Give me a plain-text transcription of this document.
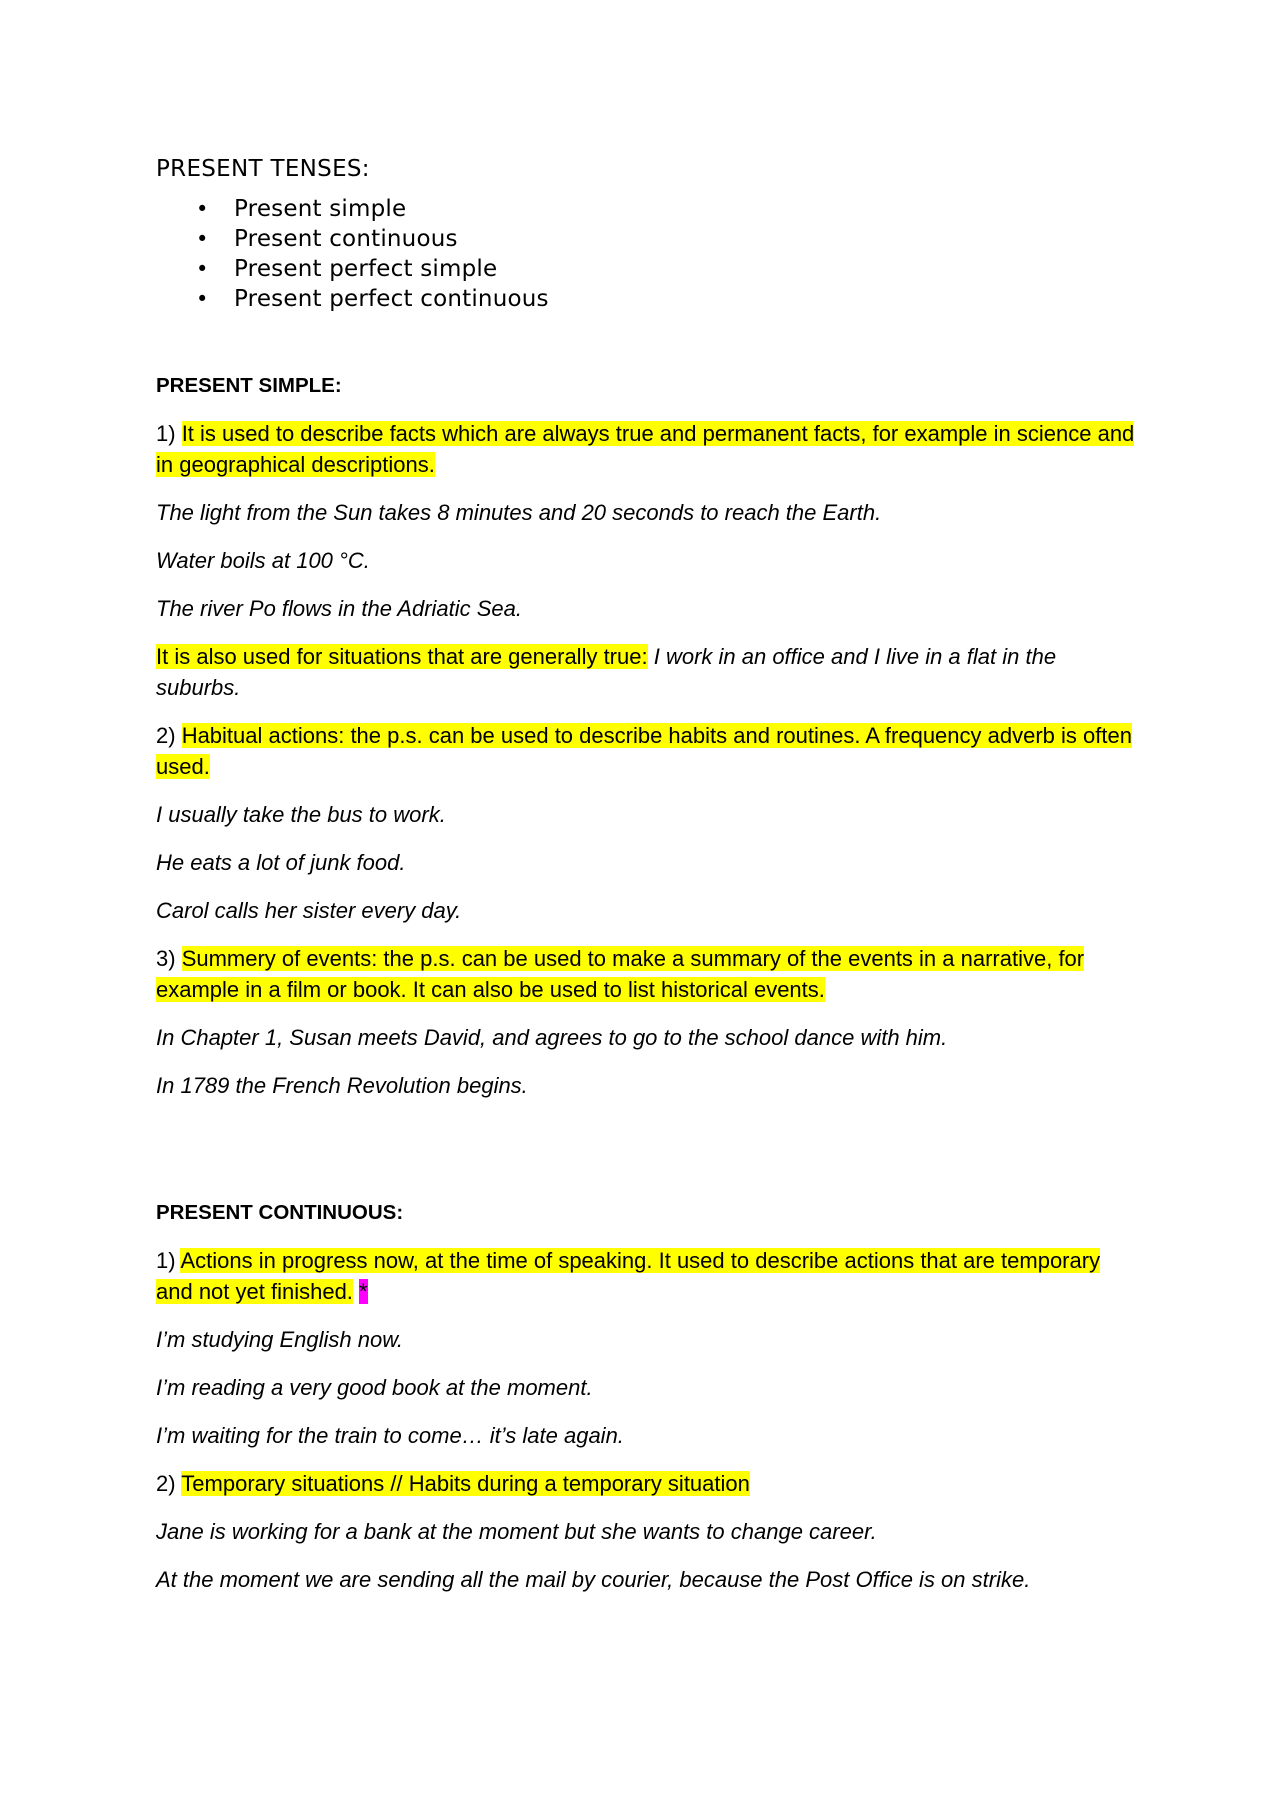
PRESENT TENSES:

• Present simple
• Present continuous
• Present perfect simple
• Present perfect continuous

PRESENT SIMPLE:

1) It is used to describe facts which are always true and permanent facts, for example in science and in geographical descriptions.

The light from the Sun takes 8 minutes and 20 seconds to reach the Earth.

Water boils at 100 °C.

The river Po flows in the Adriatic Sea.

It is also used for situations that are generally true: I work in an office and I live in a flat in the suburbs.

2) Habitual actions: the p.s. can be used to describe habits and routines. A frequency adverb is often used.

I usually take the bus to work.

He eats a lot of junk food.

Carol calls her sister every day.

3) Summery of events: the p.s. can be used to make a summary of the events in a narrative, for example in a film or book. It can also be used to list historical events.

In Chapter 1, Susan meets David, and agrees to go to the school dance with him.

In 1789 the French Revolution begins.

PRESENT CONTINUOUS:

1) Actions in progress now, at the time of speaking. It used to describe actions that are temporary and not yet finished. *

I’m studying English now.

I’m reading a very good book at the moment.

I’m waiting for the train to come… it’s late again.

2) Temporary situations // Habits during a temporary situation

Jane is working for a bank at the moment but she wants to change career.

At the moment we are sending all the mail by courier, because the Post Office is on strike.
